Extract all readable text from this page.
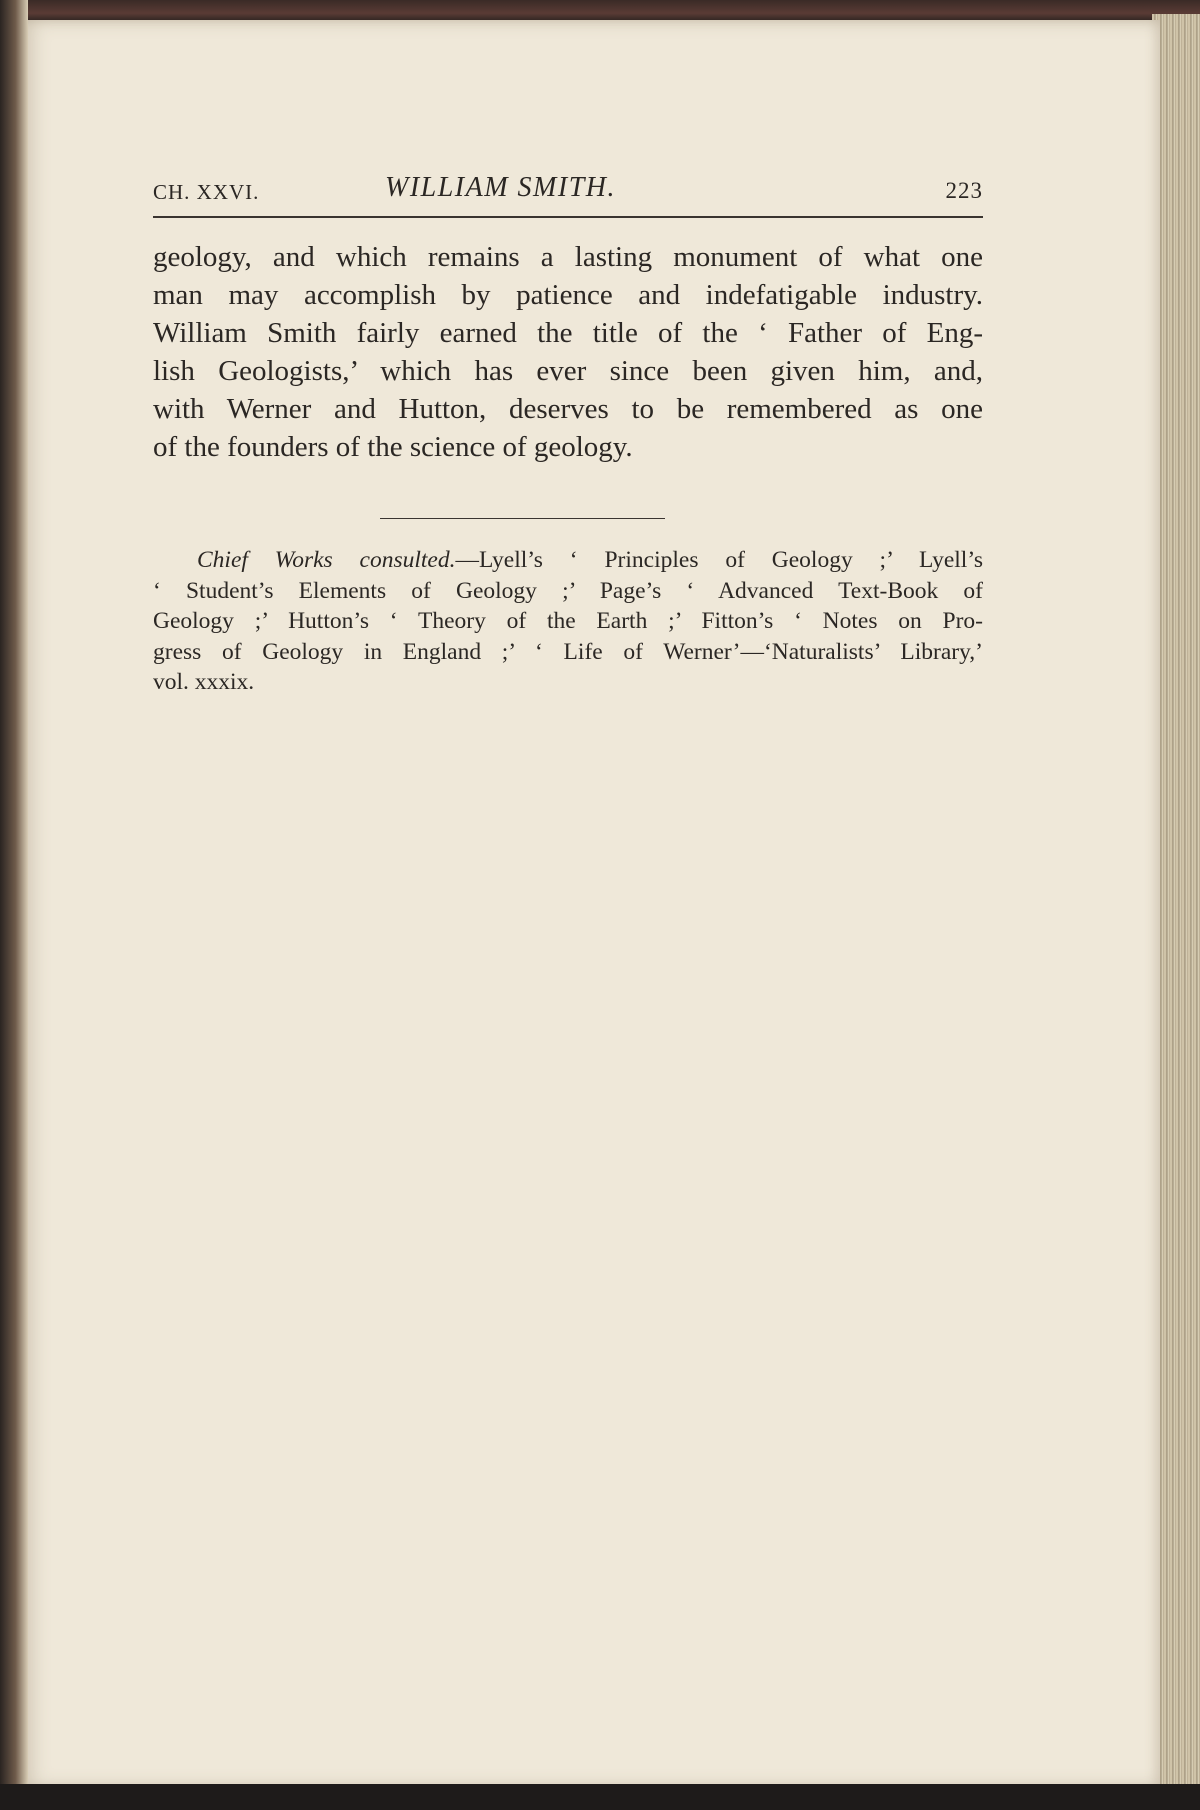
CH. XXVI.	WILLIAM SMITH.	223
geology, and which remains a lasting monument of what one
man may accomplish by patience and indefatigable industry.
William Smith fairly earned the title of the ‘ Father of Eng-
lish Geologists,’ which has ever since been given him, and,
with Werner and Hutton, deserves to be remembered as one
of the founders of the science of geology.
Chief Works consulted.—Lyell’s ‘ Principles of Geology ;’ Lyell’s
‘ Student’s Elements of Geology ;’ Page’s ‘ Advanced Text-Book of
Geology ;’ Hutton’s ‘ Theory of the Earth ;’ Fitton’s ‘ Notes on Pro-
gress of Geology in England ;’ ‘ Life of Werner’—‘Naturalists’ Library,’
vol. xxxix.
